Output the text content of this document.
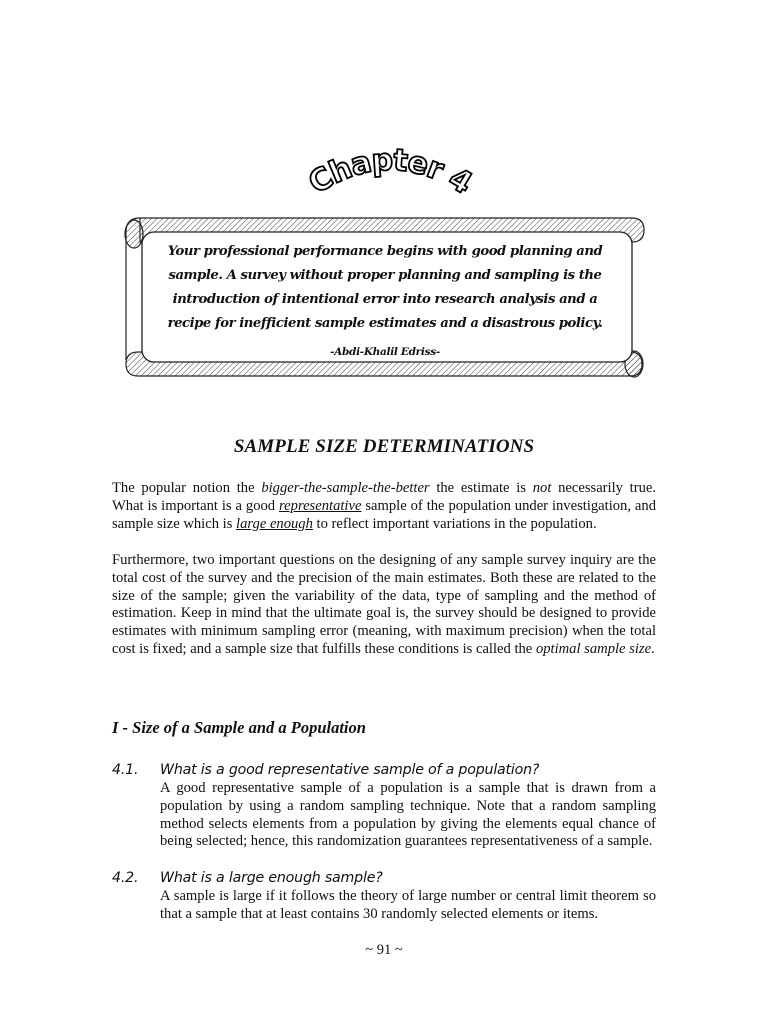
Chapter 4
Your professional performance begins with good planning and sample. A survey without proper planning and sampling is the introduction of intentional error into research analysis and a recipe for inefficient sample estimates and a disastrous policy.
-Abdi-Khalil Edriss-
SAMPLE SIZE DETERMINATIONS

The popular notion the bigger-the-sample-the-better the estimate is not necessarily true. What is important is a good representative sample of the population under investigation, and sample size which is large enough to reflect important variations in the population.

Furthermore, two important questions on the designing of any sample survey inquiry are the total cost of the survey and the precision of the main estimates. Both these are related to the size of the sample; given the variability of the data, type of sampling and the method of estimation. Keep in mind that the ultimate goal is, the survey should be designed to provide estimates with minimum sampling error (meaning, with maximum precision) when the total cost is fixed; and a sample size that fulfills these conditions is called the optimal sample size.

I - Size of a Sample and a Population
4.1. What is a good representative sample of a population?

A good representative sample of a population is a sample that is drawn from a population by using a random sampling technique. Note that a random sampling method selects elements from a population by giving the elements equal chance of being selected; hence, this randomization guarantees representativeness of a sample.

4.2. What is a large enough sample?

A sample is large if it follows the theory of large number or central limit theorem so that a sample that at least contains 30 randomly selected elements or items.

~ 91 ~
